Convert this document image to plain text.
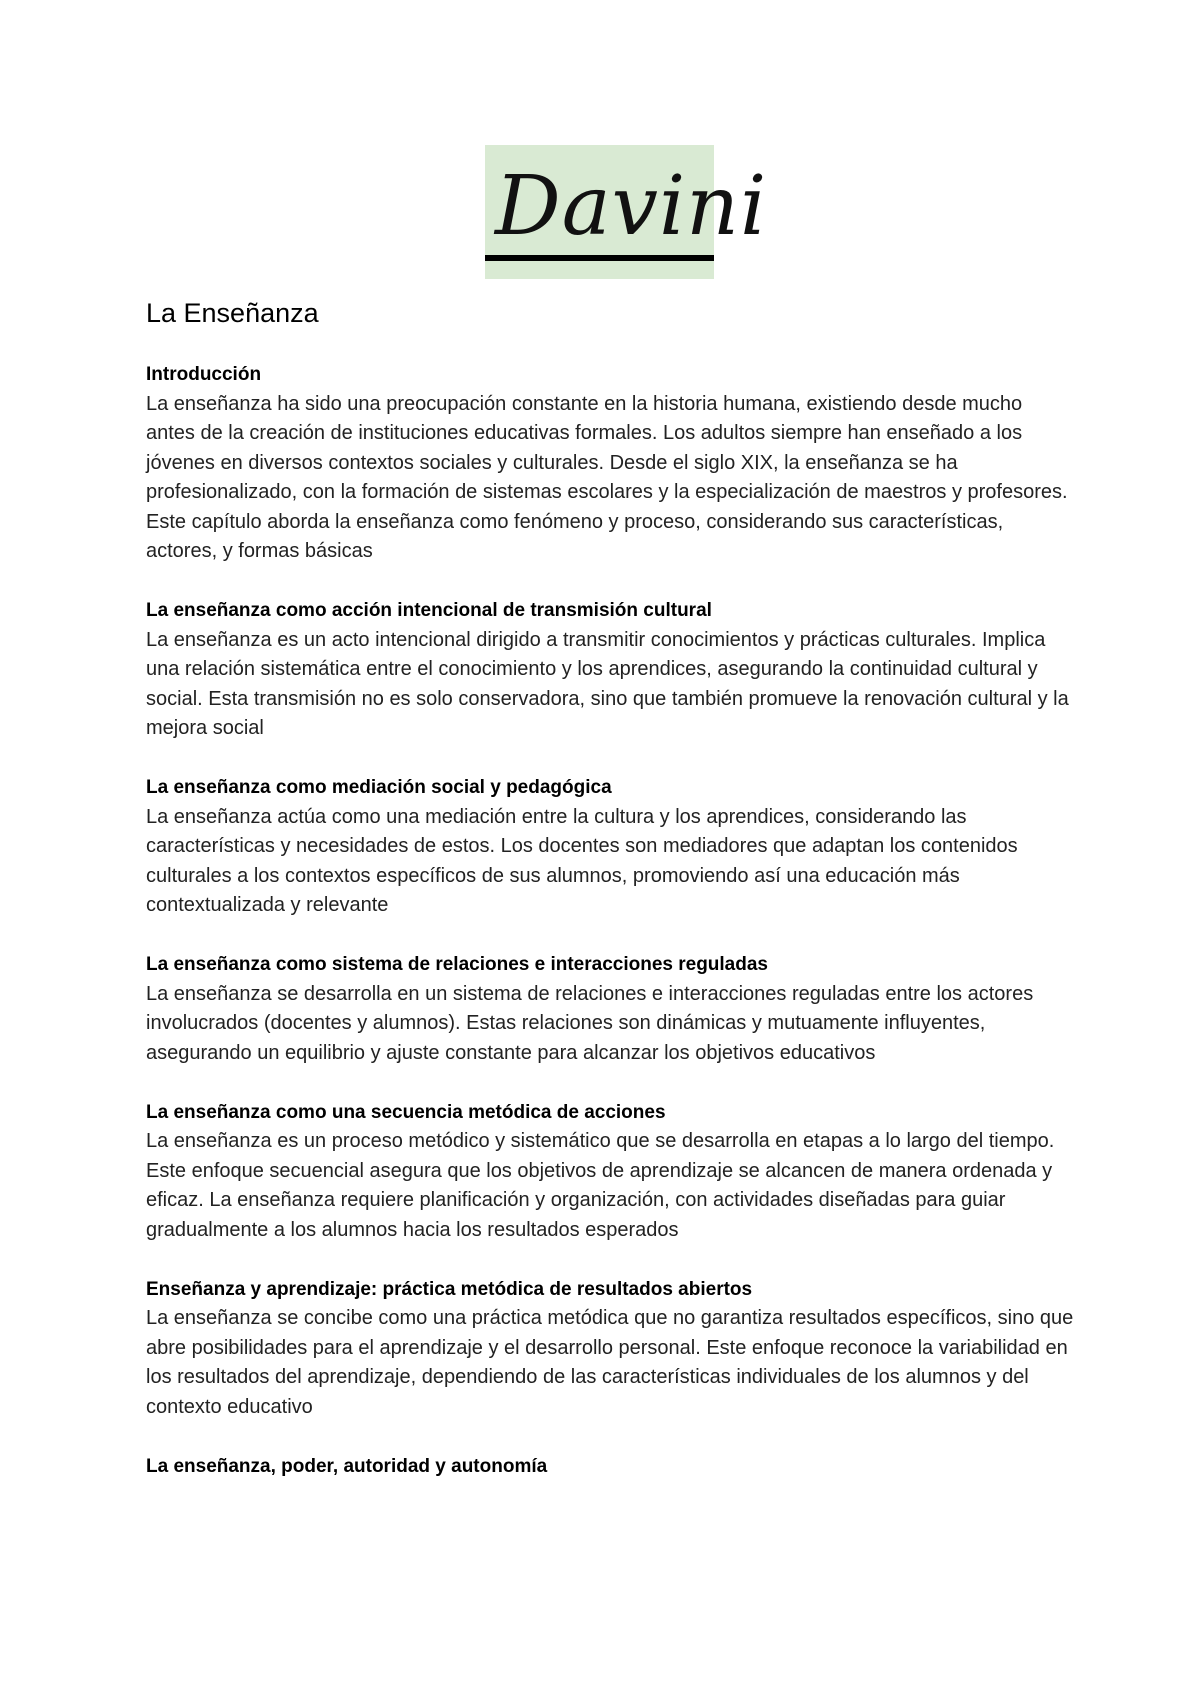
Davini
La Enseñanza

Introducción

La enseñanza ha sido una preocupación constante en la historia humana, existiendo desde mucho antes de la creación de instituciones educativas formales. Los adultos siempre han enseñado a los jóvenes en diversos contextos sociales y culturales. Desde el siglo XIX, la enseñanza se ha profesionalizado, con la formación de sistemas escolares y la especialización de maestros y profesores. Este capítulo aborda la enseñanza como fenómeno y proceso, considerando sus características, actores, y formas básicas

La enseñanza como acción intencional de transmisión cultural

La enseñanza es un acto intencional dirigido a transmitir conocimientos y prácticas culturales. Implica una relación sistemática entre el conocimiento y los aprendices, asegurando la continuidad cultural y social. Esta transmisión no es solo conservadora, sino que también promueve la renovación cultural y la mejora social

La enseñanza como mediación social y pedagógica

La enseñanza actúa como una mediación entre la cultura y los aprendices, considerando las características y necesidades de estos. Los docentes son mediadores que adaptan los contenidos culturales a los contextos específicos de sus alumnos, promoviendo así una educación más contextualizada y relevante

La enseñanza como sistema de relaciones e interacciones reguladas

La enseñanza se desarrolla en un sistema de relaciones e interacciones reguladas entre los actores involucrados (docentes y alumnos). Estas relaciones son dinámicas y mutuamente influyentes, asegurando un equilibrio y ajuste constante para alcanzar los objetivos educativos

La enseñanza como una secuencia metódica de acciones

La enseñanza es un proceso metódico y sistemático que se desarrolla en etapas a lo largo del tiempo. Este enfoque secuencial asegura que los objetivos de aprendizaje se alcancen de manera ordenada y eficaz. La enseñanza requiere planificación y organización, con actividades diseñadas para guiar gradualmente a los alumnos hacia los resultados esperados

Enseñanza y aprendizaje: práctica metódica de resultados abiertos

La enseñanza se concibe como una práctica metódica que no garantiza resultados específicos, sino que abre posibilidades para el aprendizaje y el desarrollo personal. Este enfoque reconoce la variabilidad en los resultados del aprendizaje, dependiendo de las características individuales de los alumnos y del contexto educativo

La enseñanza, poder, autoridad y autonomía
